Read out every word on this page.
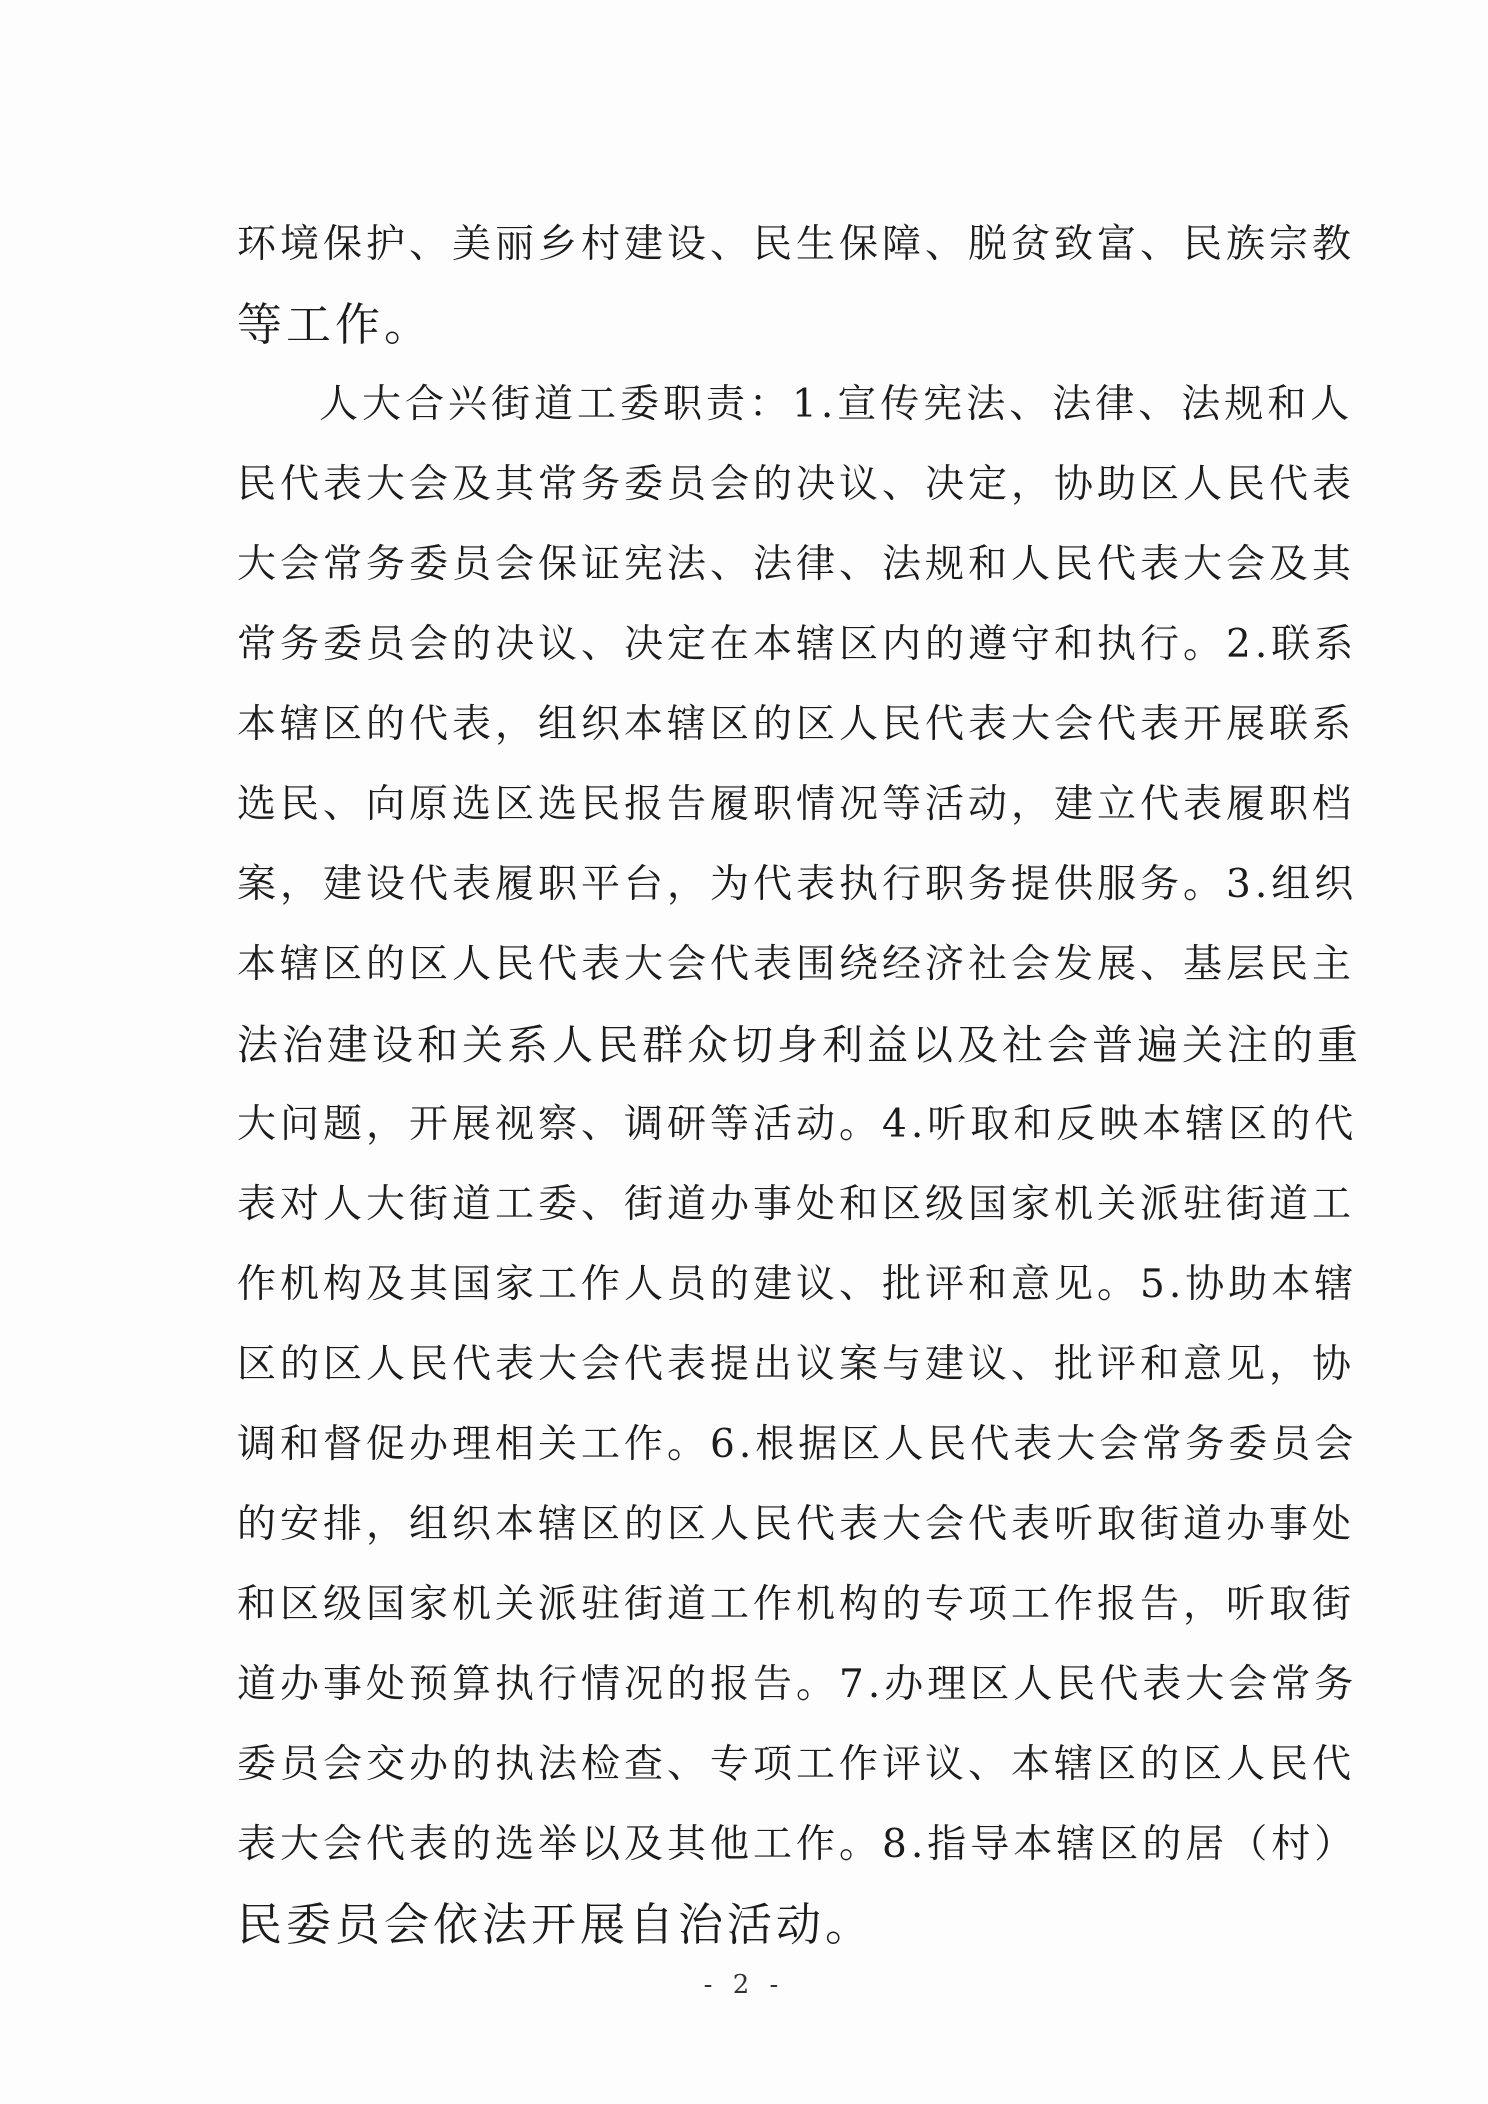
环境保护、美丽乡村建设、民生保障、脱贫致富、民族宗教
等工作。
人大合兴街道工委职责：1.宣传宪法、法律、法规和人
民代表大会及其常务委员会的决议、决定，协助区人民代表
大会常务委员会保证宪法、法律、法规和人民代表大会及其
常务委员会的决议、决定在本辖区内的遵守和执行。2.联系
本辖区的代表，组织本辖区的区人民代表大会代表开展联系
选民、向原选区选民报告履职情况等活动，建立代表履职档
案，建设代表履职平台，为代表执行职务提供服务。3.组织
本辖区的区人民代表大会代表围绕经济社会发展、基层民主
法治建设和关系人民群众切身利益以及社会普遍关注的重
大问题，开展视察、调研等活动。4.听取和反映本辖区的代
表对人大街道工委、街道办事处和区级国家机关派驻街道工
作机构及其国家工作人员的建议、批评和意见。5.协助本辖
区的区人民代表大会代表提出议案与建议、批评和意见，协
调和督促办理相关工作。6.根据区人民代表大会常务委员会
的安排，组织本辖区的区人民代表大会代表听取街道办事处
和区级国家机关派驻街道工作机构的专项工作报告，听取街
道办事处预算执行情况的报告。7.办理区人民代表大会常务
委员会交办的执法检查、专项工作评议、本辖区的区人民代
表大会代表的选举以及其他工作。8.指导本辖区的居（村）
民委员会依法开展自治活动。
- 2 -
